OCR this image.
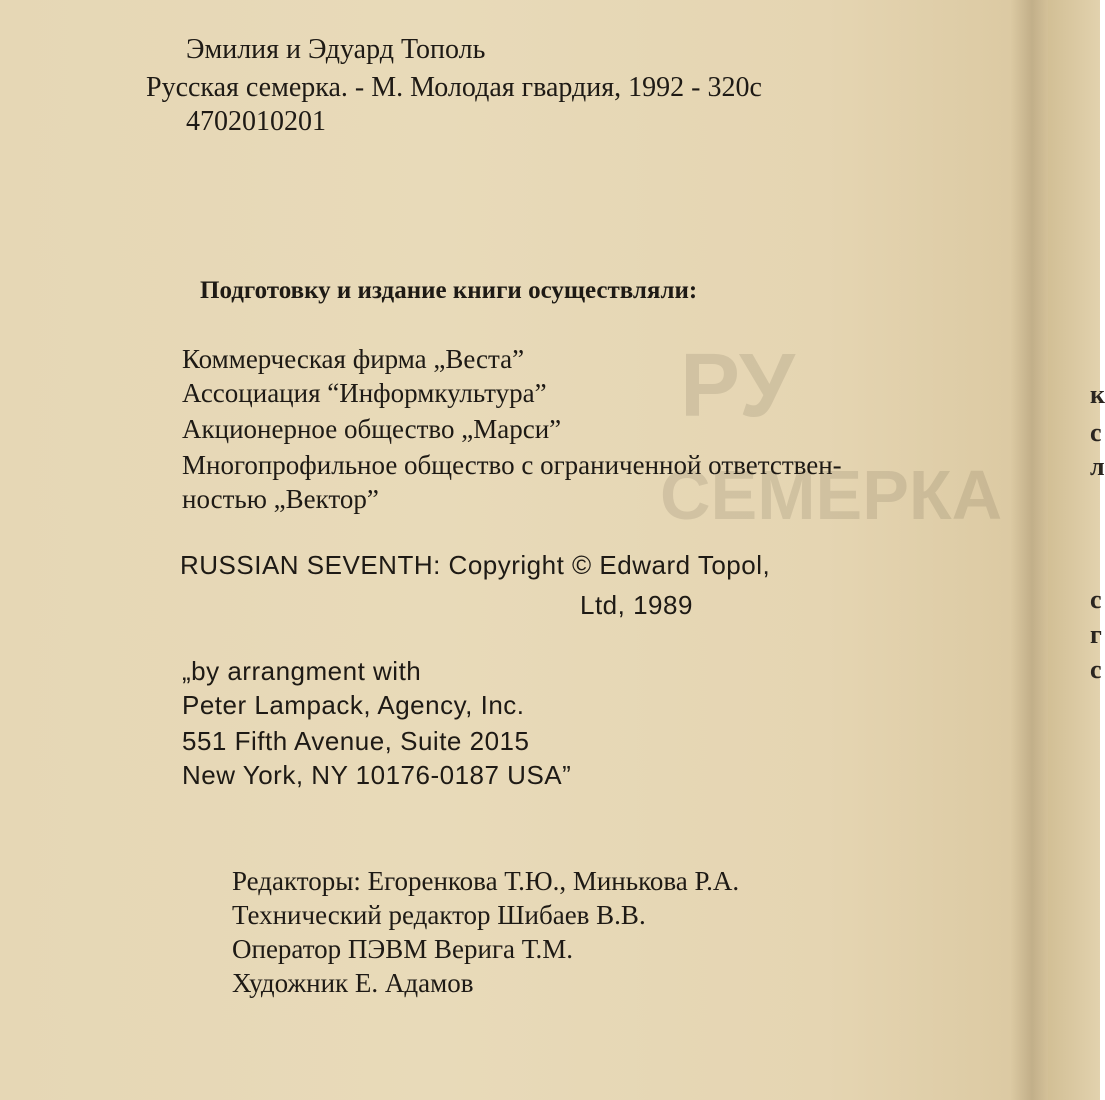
к
с
л
с
г
с
РУ
СЕМЕРКА
Эмилия и Эдуард Тополь
Русская семерка. - М. Молодая гвардия, 1992 - 320с
4702010201
Подготовку и издание книги осуществляли:
Коммерческая фирма „Веста”
Ассоциация “Информкультура”
Акционерное общество „Марси”
Многопрофильное общество с ограниченной ответствен-
ностью „Вектор”
RUSSIAN SEVENTH: Copyright © Edward Topol,
Ltd, 1989
„by arrangment with
Peter Lampack, Agency, Inc.
551 Fifth Avenue, Suite 2015
New York, NY 10176-0187 USA”
Редакторы: Егоренкова Т.Ю., Минькова Р.А.
Технический редактор Шибаев В.В.
Оператор ПЭВМ Верига Т.М.
Художник Е. Адамов
